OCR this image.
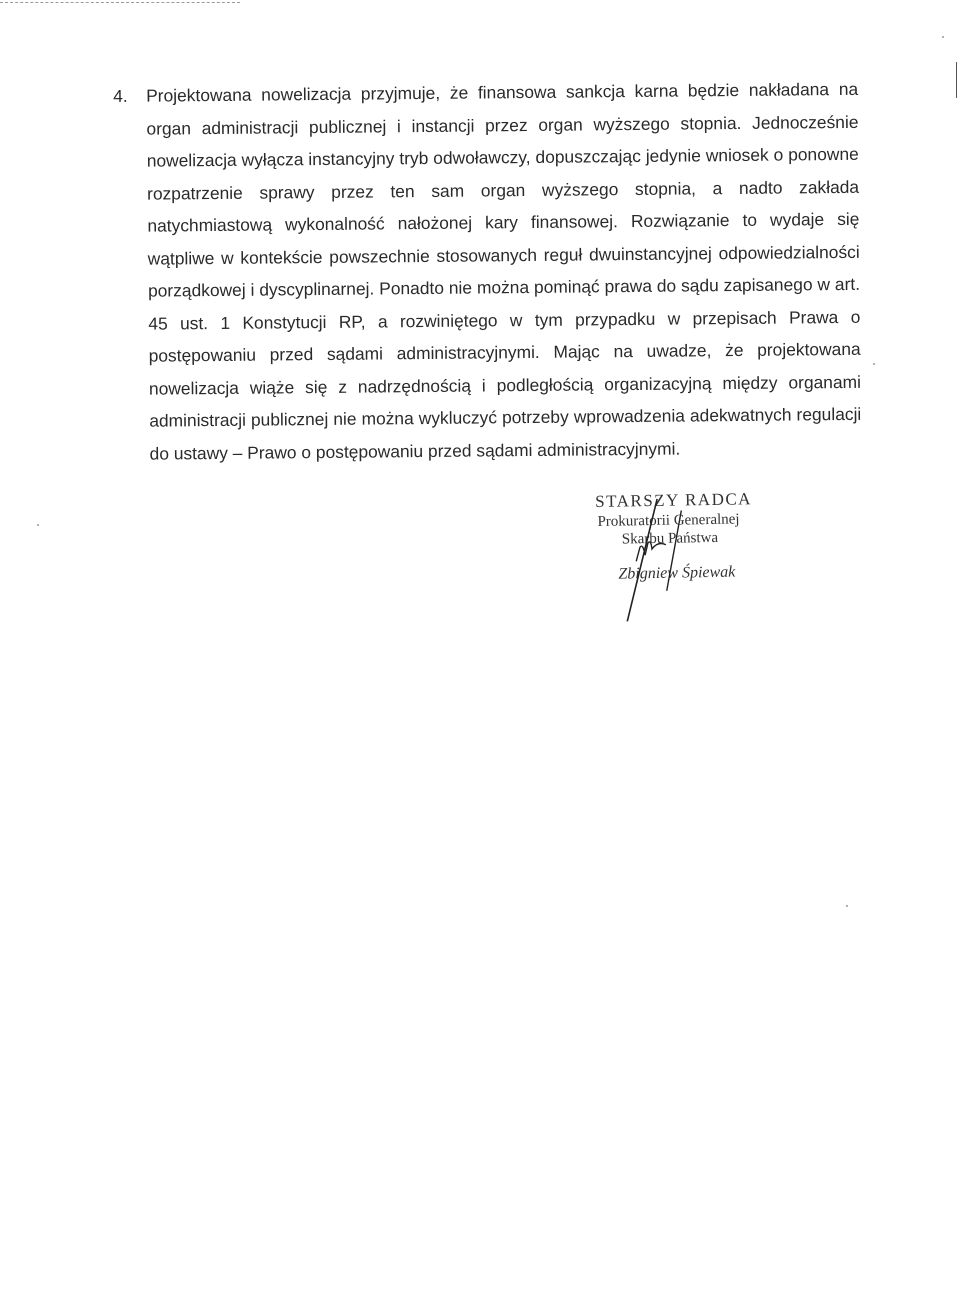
4. Projektowana nowelizacja przyjmuje, że finansowa sankcja karna będzie nakładana na organ administracji publicznej i instancji przez organ wyższego stopnia. Jednocześnie nowelizacja wyłącza instancyjny tryb odwoławczy, dopuszczając jedynie wniosek o ponowne rozpatrzenie sprawy przez ten sam organ wyższego stopnia, a nadto zakłada natychmiastową wykonalność nałożonej kary finansowej. Rozwiązanie to wydaje się wątpliwe w kontekście powszechnie stosowanych reguł dwuinstancyjnej odpowiedzialności porządkowej i dyscyplinarnej. Ponadto nie można pominąć prawa do sądu zapisanego w art. 45 ust. 1 Konstytucji RP, a rozwiniętego w tym przypadku w przepisach Prawa o postępowaniu przed sądami administracyjnymi. Mając na uwadze, że projektowana nowelizacja wiąże się z nadrzędnością i podległością organizacyjną między organami administracji publicznej nie można wykluczyć potrzeby wprowadzenia adekwatnych regulacji do ustawy – Prawo o postępowaniu przed sądami administracyjnymi.
STARSZY RADCA
Prokuratorii Generalnej
Skarbu Państwa
Zbigniew Śpiewak
